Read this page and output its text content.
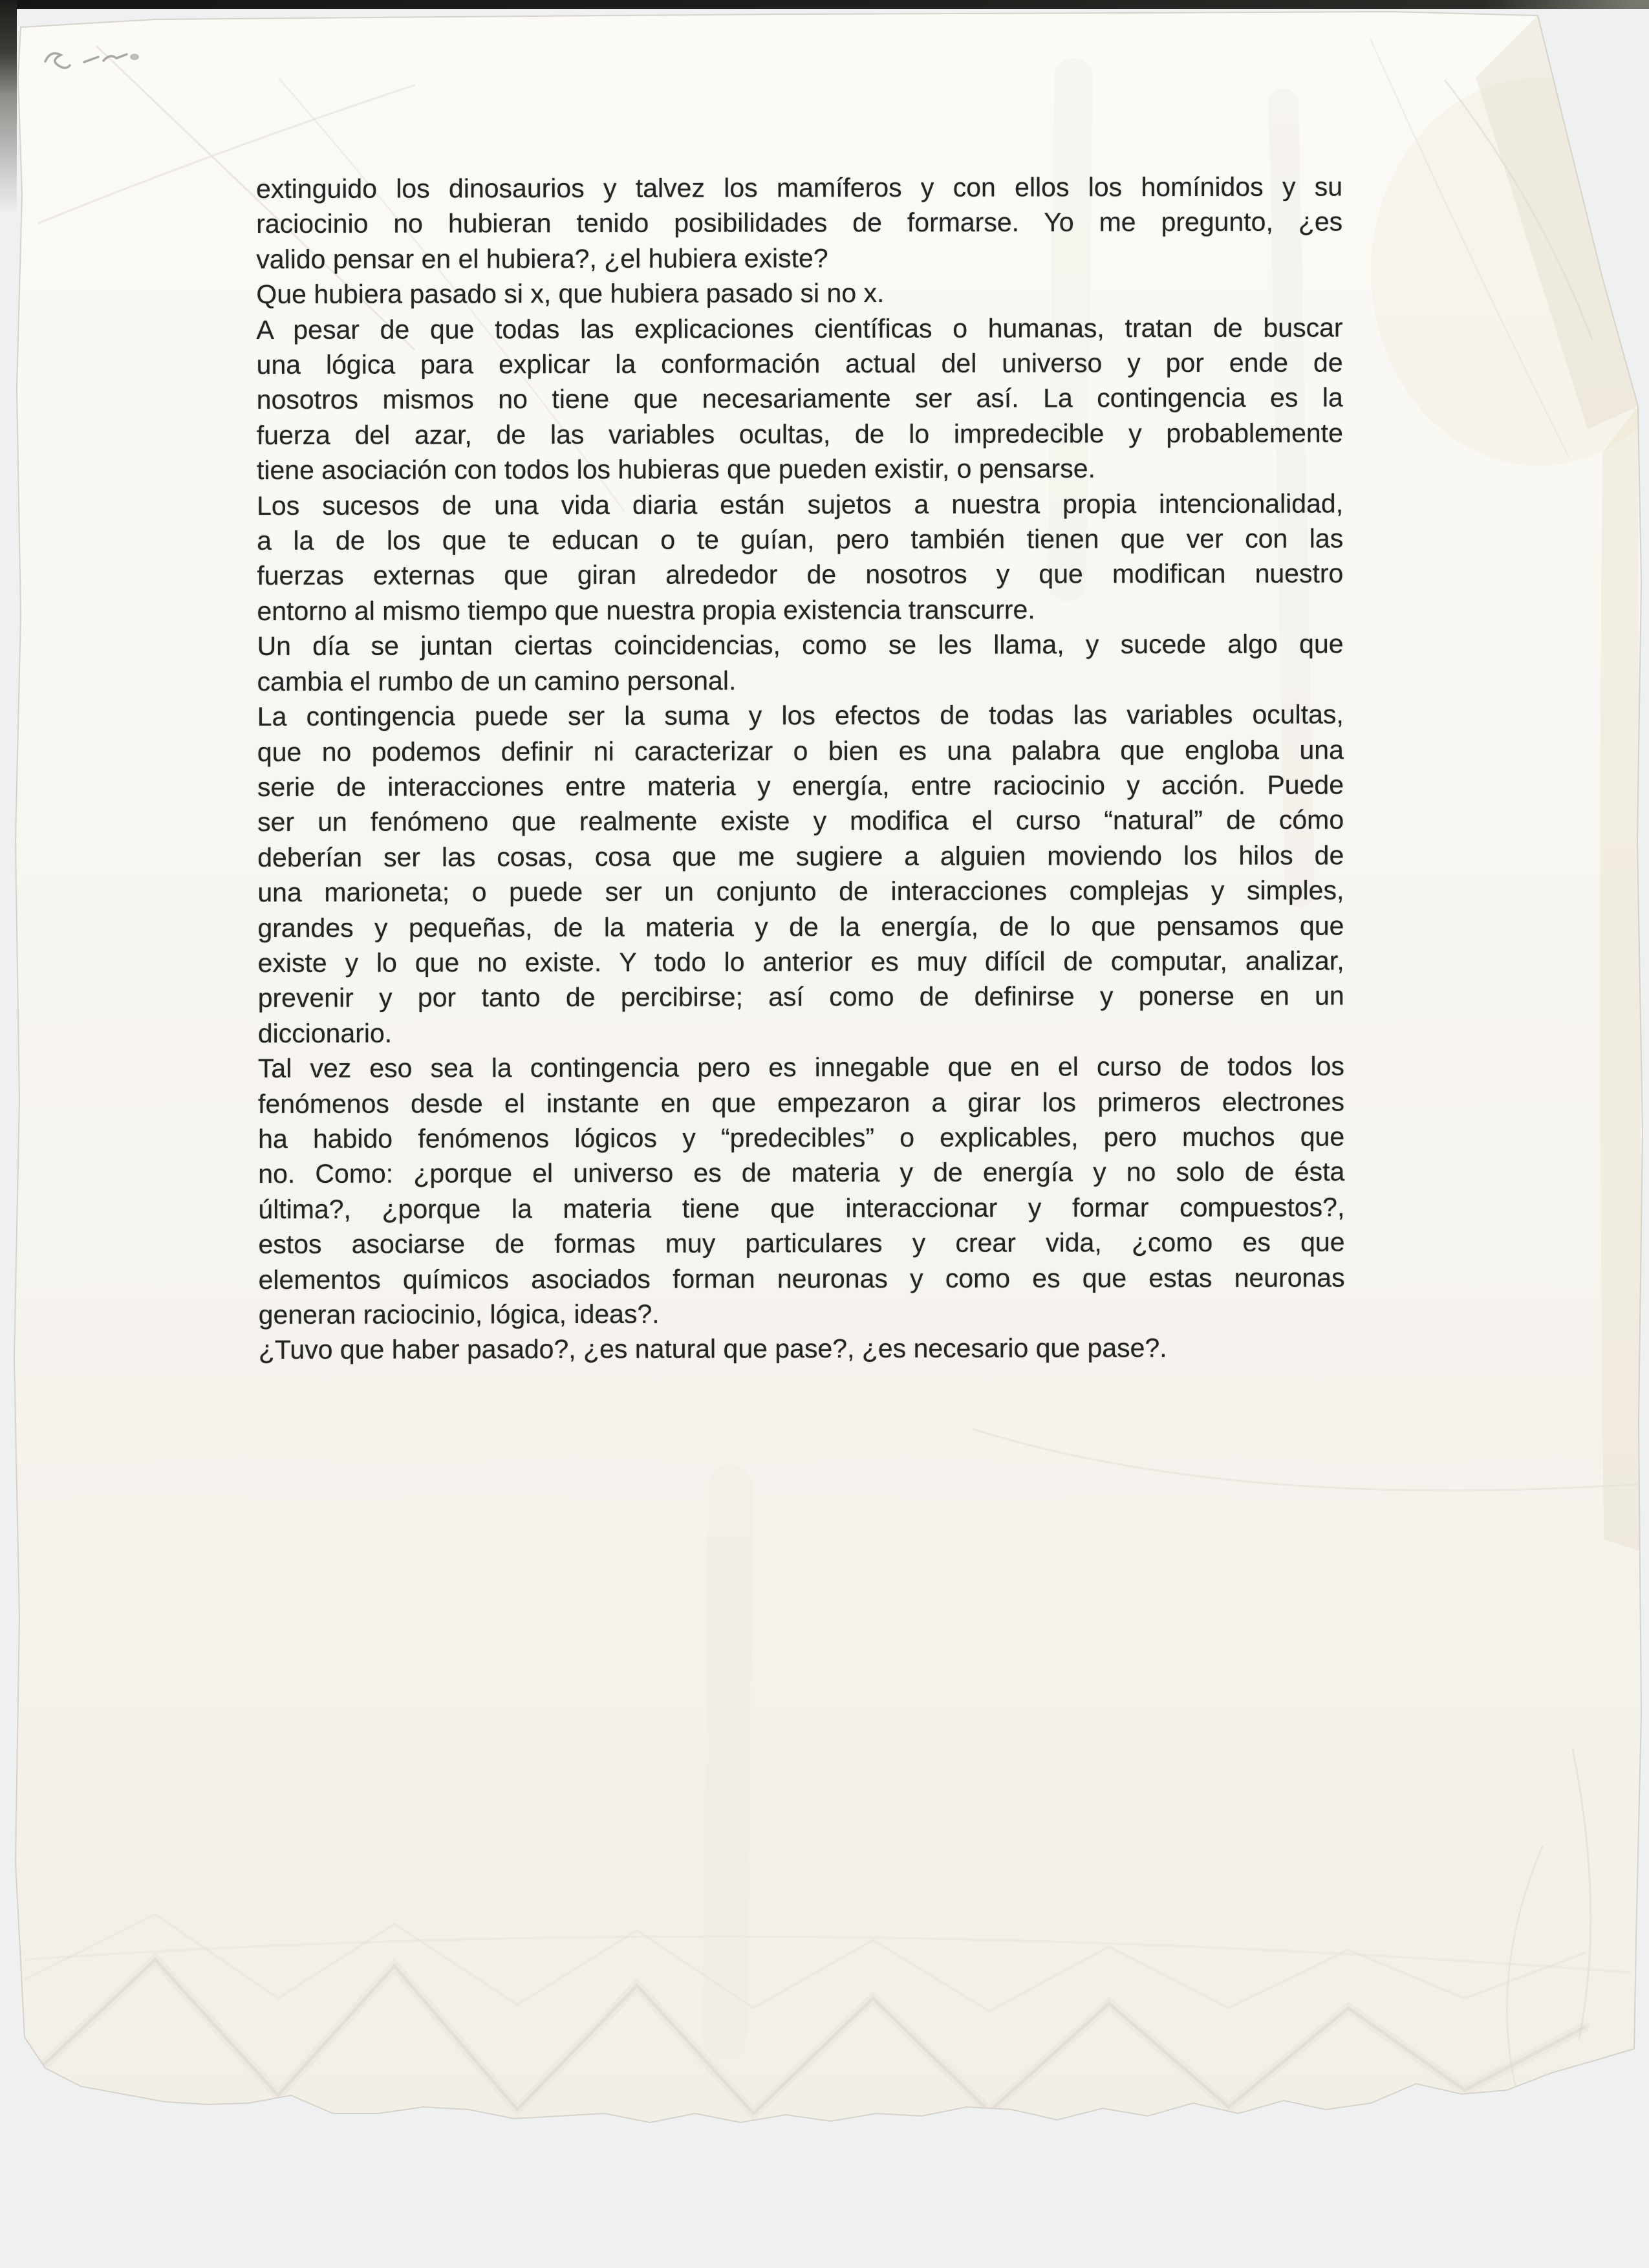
extinguido los dinosaurios y talvez los mamíferos y con ellos los homínidos y su
raciocinio no hubieran tenido posibilidades de formarse. Yo me pregunto, ¿es
valido pensar en el hubiera?, ¿el hubiera existe?
Que hubiera pasado si x, que hubiera pasado si no x.
A pesar de que todas las explicaciones científicas o humanas, tratan de buscar
una lógica para explicar la conformación actual del universo y por ende de
nosotros mismos no tiene que necesariamente ser así. La contingencia es la
fuerza del azar, de las variables ocultas, de lo impredecible y probablemente
tiene asociación con todos los hubieras que pueden existir, o pensarse.
Los sucesos de una vida diaria están sujetos a nuestra propia intencionalidad,
a la de los que te educan o te guían, pero también tienen que ver con las
fuerzas externas que giran alrededor de nosotros y que modifican nuestro
entorno al mismo tiempo que nuestra propia existencia transcurre.
Un día se juntan ciertas coincidencias, como se les llama, y sucede algo que
cambia el rumbo de un camino personal.
La contingencia puede ser la suma y los efectos de todas las variables ocultas,
que no podemos definir ni caracterizar o bien es una palabra que engloba una
serie de interacciones entre materia y energía, entre raciocinio y acción. Puede
ser un fenómeno que realmente existe y modifica el curso “natural” de cómo
deberían ser las cosas, cosa que me sugiere a alguien moviendo los hilos de
una marioneta; o puede ser un conjunto de interacciones complejas y simples,
grandes y pequeñas, de la materia y de la energía, de lo que pensamos que
existe y lo que no existe. Y todo lo anterior es muy difícil de computar, analizar,
prevenir y por tanto de percibirse; así como de definirse y ponerse en un
diccionario.
Tal vez eso sea la contingencia pero es innegable que en el curso de todos los
fenómenos desde el instante en que empezaron a girar los primeros electrones
ha habido fenómenos lógicos y “predecibles” o explicables, pero muchos que
no. Como: ¿porque el universo es de materia y de energía y no solo de ésta
última?, ¿porque la materia tiene que interaccionar y formar compuestos?,
estos asociarse de formas muy particulares y crear vida, ¿como es que
elementos químicos asociados forman neuronas y como es que estas neuronas
generan raciocinio, lógica, ideas?.
¿Tuvo que haber pasado?, ¿es natural que pase?, ¿es necesario que pase?.
